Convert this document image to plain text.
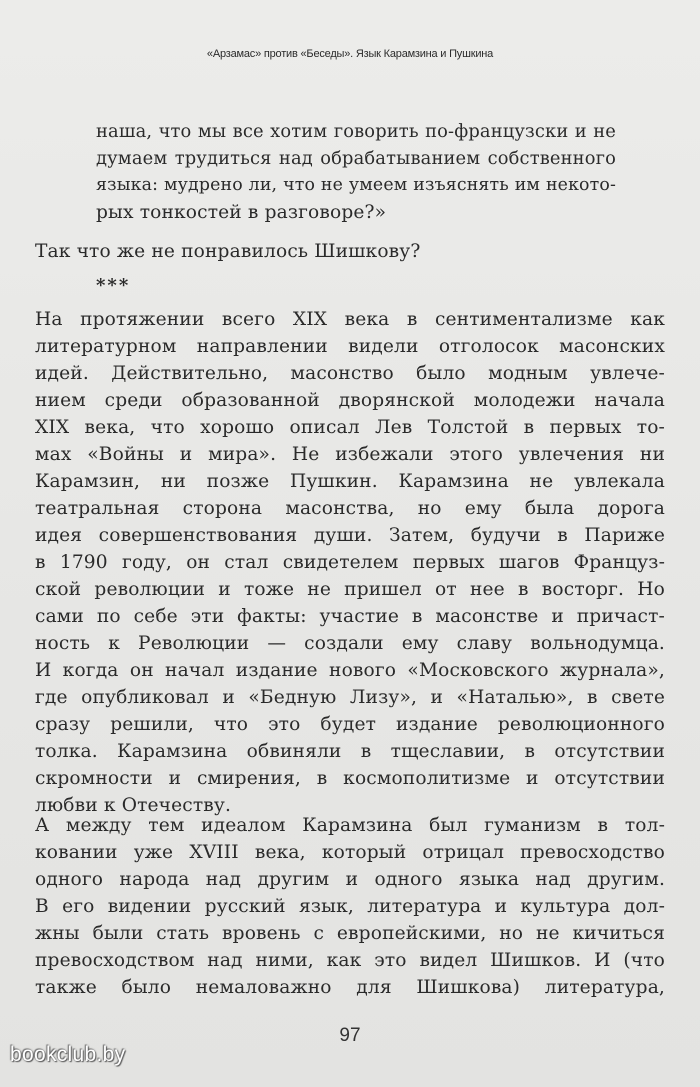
«Арзамас» против «Беседы». Язык Карамзина и Пушкина
наша, что мы все хотим говорить по-французски и не
думаем трудиться над обрабатыванием собственного
языка: мудрено ли, что не умеем изъяснять им некото-
рых тонкостей в разговоре?»
Так что же не понравилось Шишкову?
***
На протяжении всего XIX века в сентиментализме как
литературном направлении видели отголосок масонских
идей. Действительно, масонство было модным увлече-
нием среди образованной дворянской молодежи начала
XIX века, что хорошо описал Лев Толстой в первых то-
мах «Войны и мира». Не избежали этого увлечения ни
Карамзин, ни позже Пушкин. Карамзина не увлекала
театральная сторона масонства, но ему была дорога
идея совершенствования души. Затем, будучи в Париже
в 1790 году, он стал свидетелем первых шагов Француз-
ской революции и тоже не пришел от нее в восторг. Но
сами по себе эти факты: участие в масонстве и причаст-
ность к Революции — создали ему славу вольнодумца.
И когда он начал издание нового «Московского журнала»,
где опубликовал и «Бедную Лизу», и «Наталью», в свете
сразу решили, что это будет издание революционного
толка. Карамзина обвиняли в тщеславии, в отсутствии
скромности и смирения, в космополитизме и отсутствии
любви к Отечеству.
А между тем идеалом Карамзина был гуманизм в тол-
ковании уже XVIII века, который отрицал превосходство
одного народа над другим и одного языка над другим.
В его видении русский язык, литература и культура дол-
жны были стать вровень с европейскими, но не кичиться
превосходством над ними, как это видел Шишков. И (что
также было немаловажно для Шишкова) литература,
97
bookclub.by
